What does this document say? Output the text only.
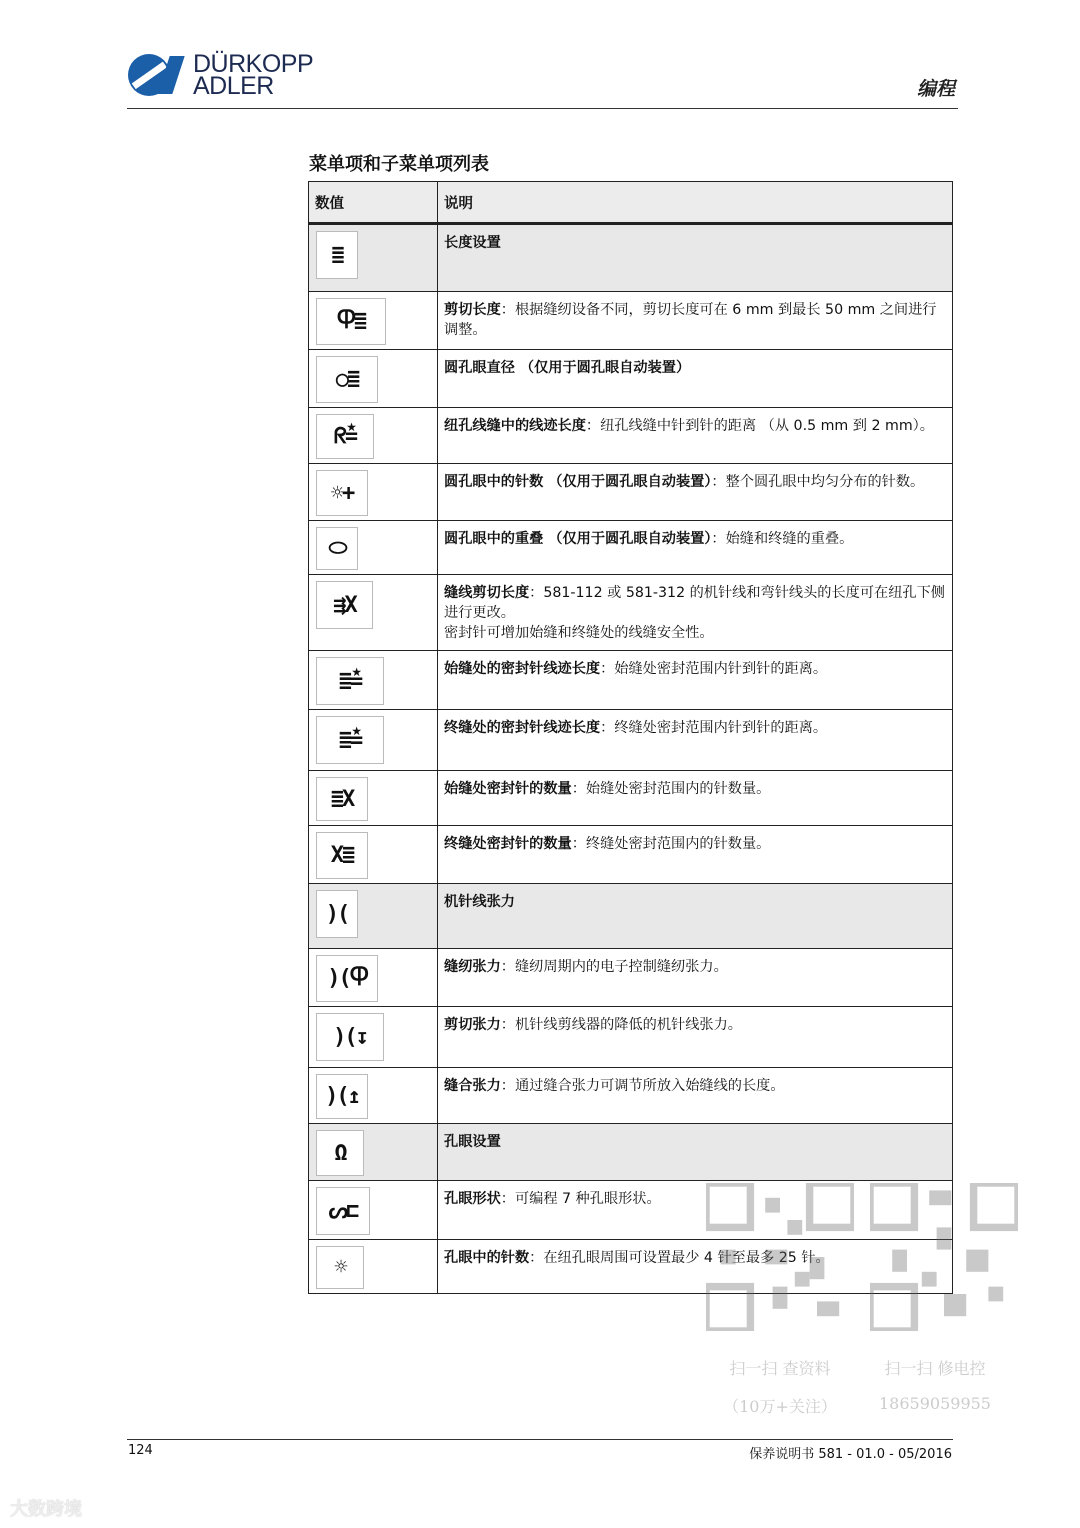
DÜRKOPP
ADLER	编程
菜单项和子菜单项列表
数值	说明

≣	长度设置

Ⴔ≣	剪切长度：根据缝纫设备不同，剪切长度可在 6 mm 到最长 50 mm 之间进行调整。

○≣	圆孔眼直径 （仅用于圆孔眼自动装置）

ᖇ≛	纽孔线缝中的线迹长度：纽孔线缝中针到针的距离 （从 0.5 mm 到 2 mm）。

☼+	圆孔眼中的针数 （仅用于圆孔眼自动装置）：整个圆孔眼中均匀分布的针数。

⬭	圆孔眼中的重叠 （仅用于圆孔眼自动装置）：始缝和终缝的重叠。

⇶X	缝线剪切长度：581-112 或 581-312 的机针线和弯针线头的长度可在纽孔下侧进行更改。
密封针可增加始缝和终缝处的线缝安全性。

≣≛	始缝处的密封针线迹长度：始缝处密封范围内针到针的距离。

≣≛	终缝处的密封针线迹长度：终缝处密封范围内针到针的距离。

≣X	始缝处密封针的数量：始缝处密封范围内的针数量。

X≣	终缝处密封针的数量：终缝处密封范围内的针数量。

)(	机针线张力

)(Ⴔ	缝纫张力：缝纫周期内的电子控制缝纫张力。

)(↧	剪切张力：机针线剪线器的降低的机针线张力。

)(↥	缝合张力：通过缝合张力可调节所放入始缝线的长度。

Ω	孔眼设置

ᔕ⊏	孔眼形状：可编程 7 种孔眼形状。

☼	孔眼中的针数：在纽孔眼周围可设置最少 4 针至最多 25 针。
扫一扫 查资料
（10万+关注）
扫一扫 修电控
18659059955
124	保养说明书 581 - 01.0 - 05/2016
大数跨境
